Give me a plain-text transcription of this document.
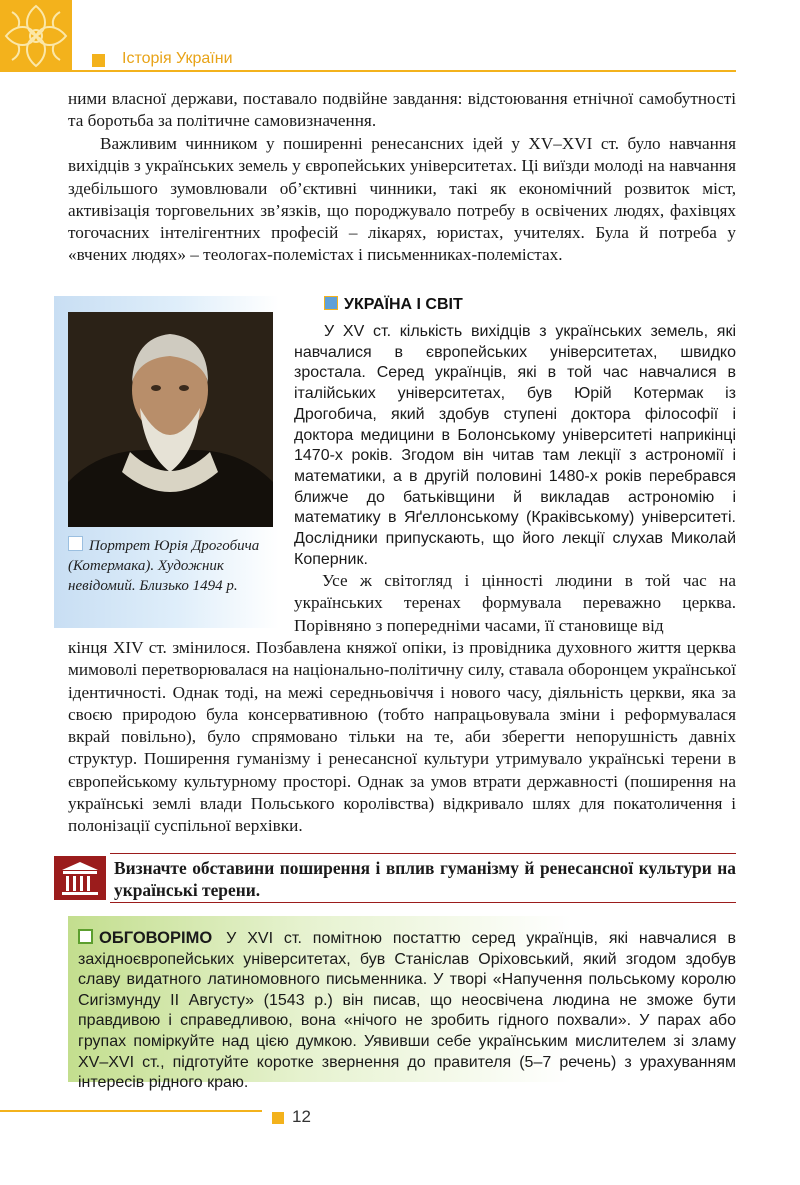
Історія України

ними власної держави, поставало подвійне завдання: відстоювання етнічної самобутності та боротьба за політичне самовизначення.

Важливим чинником у поширенні ренесансних ідей у XV–XVI ст. було навчання вихідців з українських земель у європейських університетах. Ці виїзди молоді на навчання здебільшого зумовлювали об’єктивні чинники, такі як економічний розвиток міст, активізація торговельних зв’язків, що породжувало потребу в освічених людях, фахівцях тогочасних інтелігентних професій – лікарях, юристах, учителях. Була й потреба у «вчених людях» – теологах-полемістах і письменниках-полемістах.

Портрет Юрія Дрогобича (Котермака). Художник невідомий. Близько 1494 р.
УКРАЇНА І СВІТ

У XV ст. кількість вихідців з українських земель, які навчалися в європейських університетах, швидко зростала. Серед українців, які в той час навчалися в італійських університетах, був Юрій Котермак із Дрогобича, який здобув ступені доктора філософії і доктора медицини в Болонському університеті наприкінці 1470-х років. Згодом він читав там лекції з астрономії і математики, а в другій половині 1480-х років перебрався ближче до батьківщини й викладав астрономію і математику в Яґеллонському (Краківському) університеті. Дослідники припускають, що його лекції слухав Миколай Коперник.

Усе ж світогляд і цінності людини в той час на українських теренах формувала переважно церква. Порівняно з попередніми часами, її становище від

кінця XIV ст. змінилося. Позбавлена княжої опіки, із провідника духовного життя церква мимоволі перетворювалася на національно-політичну силу, ставала оборонцем української ідентичності. Однак тоді, на межі середньовіччя і нового часу, діяльність церкви, яка за своєю природою була консервативною (тобто напрацьовувала зміни і реформувалася вкрай повільно), було спрямовано тільки на те, аби зберегти непорушність давніх структур. Поширення гуманізму і ренесансної культури утримувало українські терени в європейському культурному просторі. Однак за умов втрати державності (поширення на українські землі влади Польського королівства) відкривало шлях для покатоличення і полонізації суспільної верхівки.

Визначте обставини поширення і вплив гуманізму й ренесансної культури на українські терени.

ОБГОВОРІМО У XVI ст. помітною постаттю серед українців, які навчалися в західноєвропейських університетах, був Станіслав Оріховський, який згодом здобув славу видатного латиномовного письменника. У творі «Напучення польському королю Сигізмунду II Августу» (1543 р.) він писав, що неосвічена людина не зможе бути правдивою і справедливою, вона «нічого не зробить гідного похвали». У парах або групах поміркуйте над цією думкою. Уявивши себе українським мислителем зі зламу XV–XVI ст., підготуйте коротке звернення до правителя (5–7 речень) з урахуванням інтересів рідного краю.

12
